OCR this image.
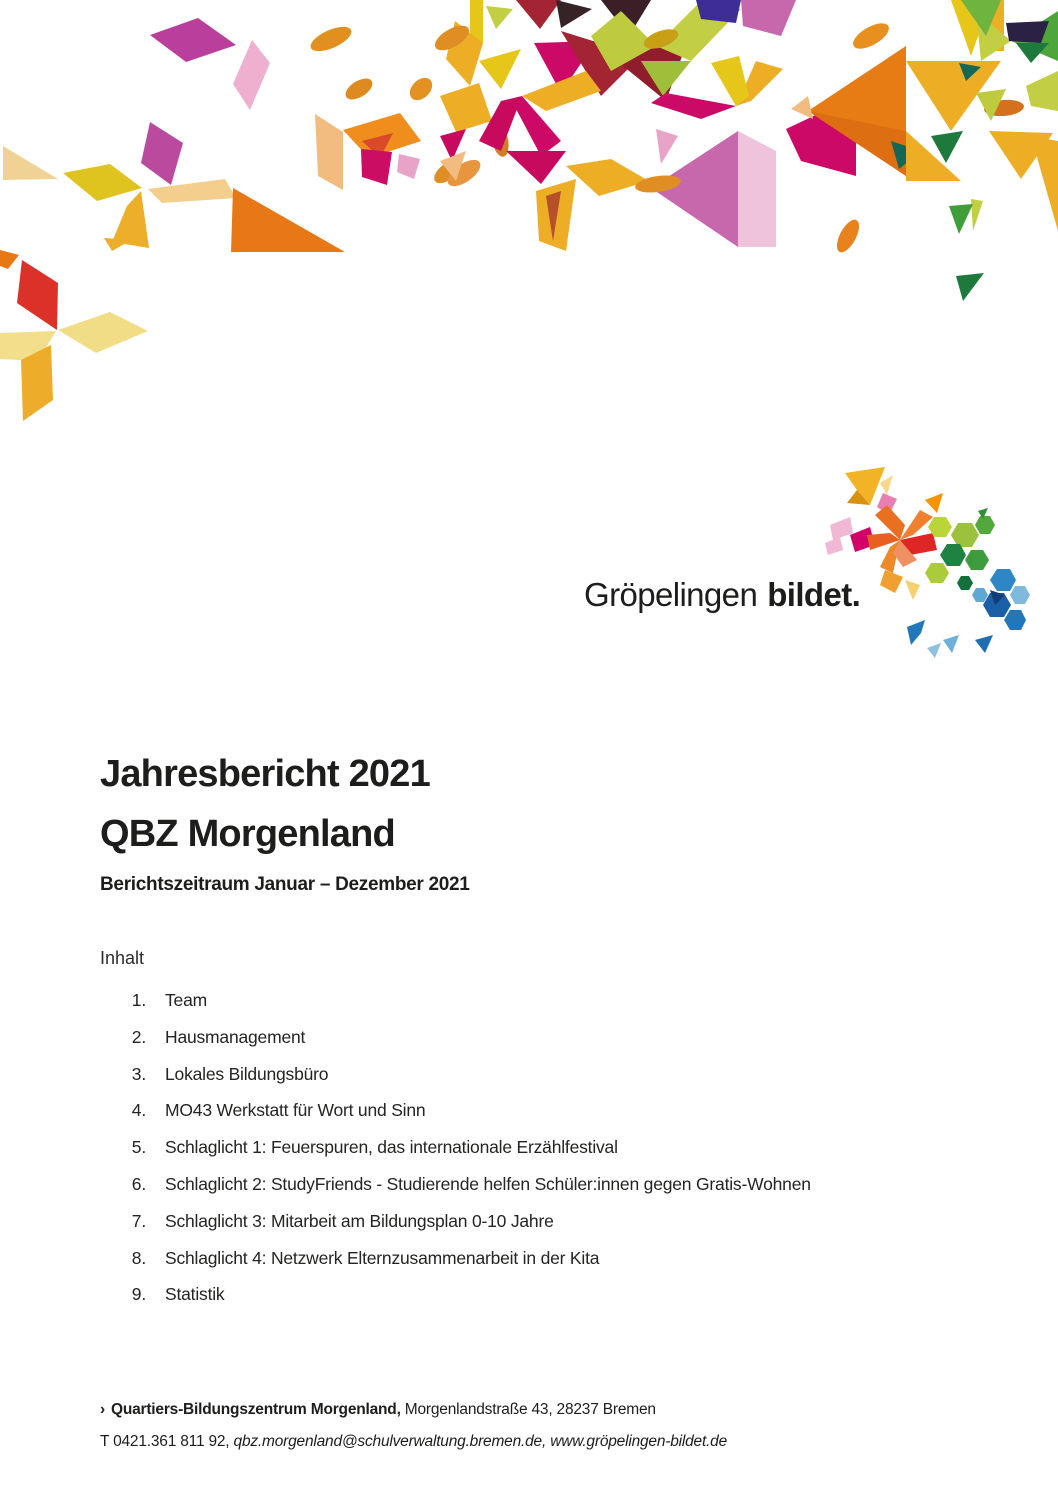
Gröpelingen bildet.
Jahresbericht 2021
QBZ Morgenland
Berichtszeitraum Januar – Dezember 2021
Inhalt
1. Team
2. Hausmanagement
3. Lokales Bildungsbüro
4. MO43 Werkstatt für Wort und Sinn
5. Schlaglicht 1: Feuerspuren, das internationale Erzählfestival
6. Schlaglicht 2: StudyFriends - Studierende helfen Schüler:innen gegen Gratis-Wohnen
7. Schlaglicht 3: Mitarbeit am Bildungsplan 0-10 Jahre
8. Schlaglicht 4: Netzwerk Elternzusammenarbeit in der Kita
9. Statistik
› Quartiers-Bildungszentrum Morgenland, Morgenlandstraße 43, 28237 Bremen
T 0421.361 811 92, qbz.morgenland@schulverwaltung.bremen.de, www.gröpelingen-bildet.de
